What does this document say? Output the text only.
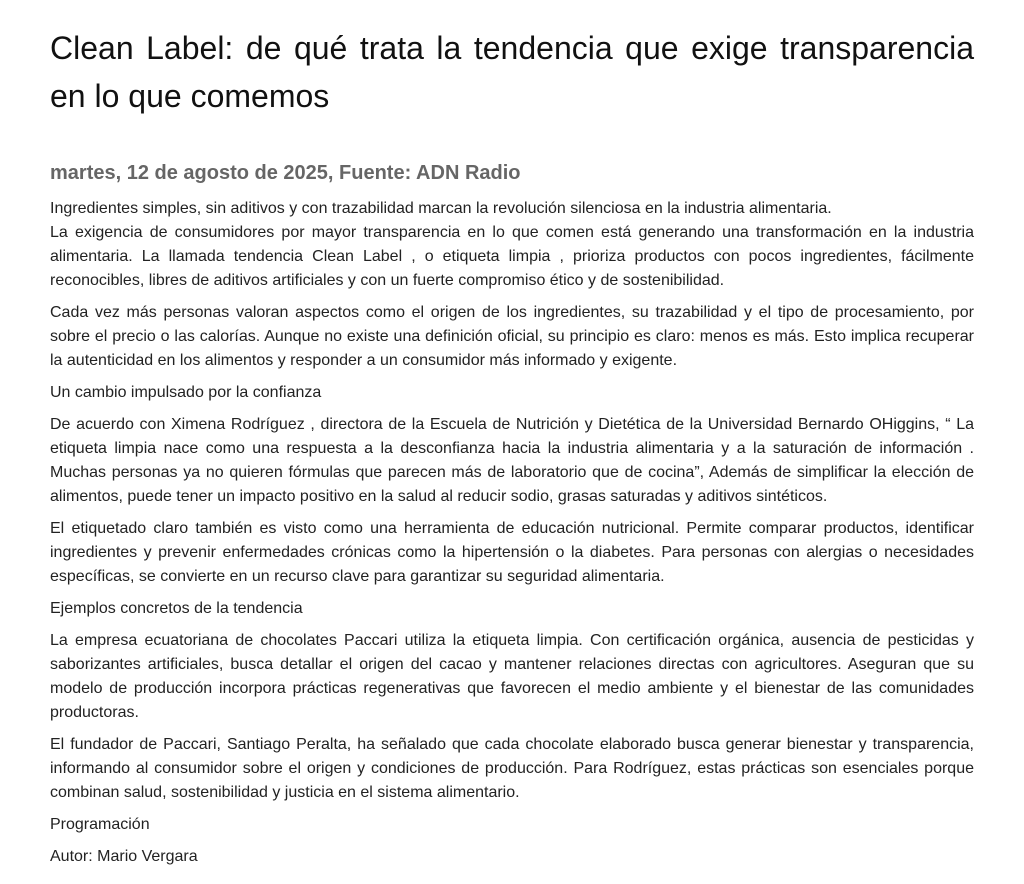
Clean Label: de qué trata la tendencia que exige transparencia en lo que comemos
martes, 12 de agosto de 2025, Fuente: ADN Radio

Ingredientes simples, sin aditivos y con trazabilidad marcan la revolución silenciosa en la industria alimentaria.

La exigencia de consumidores por mayor transparencia en lo que comen está generando una transformación en la industria alimentaria. La llamada tendencia Clean Label , o etiqueta limpia , prioriza productos con pocos ingredientes, fácilmente reconocibles, libres de aditivos artificiales y con un fuerte compromiso ético y de sostenibilidad.

Cada vez más personas valoran aspectos como el origen de los ingredientes, su trazabilidad y el tipo de procesamiento, por sobre el precio o las calorías. Aunque no existe una definición oficial, su principio es claro: menos es más. Esto implica recuperar la autenticidad en los alimentos y responder a un consumidor más informado y exigente.

Un cambio impulsado por la confianza

De acuerdo con Ximena Rodríguez , directora de la Escuela de Nutrición y Dietética de la Universidad Bernardo OHiggins, “ La etiqueta limpia nace como una respuesta a la desconfianza hacia la industria alimentaria y a la saturación de información . Muchas personas ya no quieren fórmulas que parecen más de laboratorio que de cocina”, Además de simplificar la elección de alimentos, puede tener un impacto positivo en la salud al reducir sodio, grasas saturadas y aditivos sintéticos.

El etiquetado claro también es visto como una herramienta de educación nutricional. Permite comparar productos, identificar ingredientes y prevenir enfermedades crónicas como la hipertensión o la diabetes. Para personas con alergias o necesidades específicas, se convierte en un recurso clave para garantizar su seguridad alimentaria.

Ejemplos concretos de la tendencia

La empresa ecuatoriana de chocolates Paccari utiliza la etiqueta limpia. Con certificación orgánica, ausencia de pesticidas y saborizantes artificiales, busca detallar el origen del cacao y mantener relaciones directas con agricultores. Aseguran que su modelo de producción incorpora prácticas regenerativas que favorecen el medio ambiente y el bienestar de las comunidades productoras.

El fundador de Paccari, Santiago Peralta, ha señalado que cada chocolate elaborado busca generar bienestar y transparencia, informando al consumidor sobre el origen y condiciones de producción. Para Rodríguez, estas prácticas son esenciales porque combinan salud, sostenibilidad y justicia en el sistema alimentario.

Programación

Autor: Mario Vergara
